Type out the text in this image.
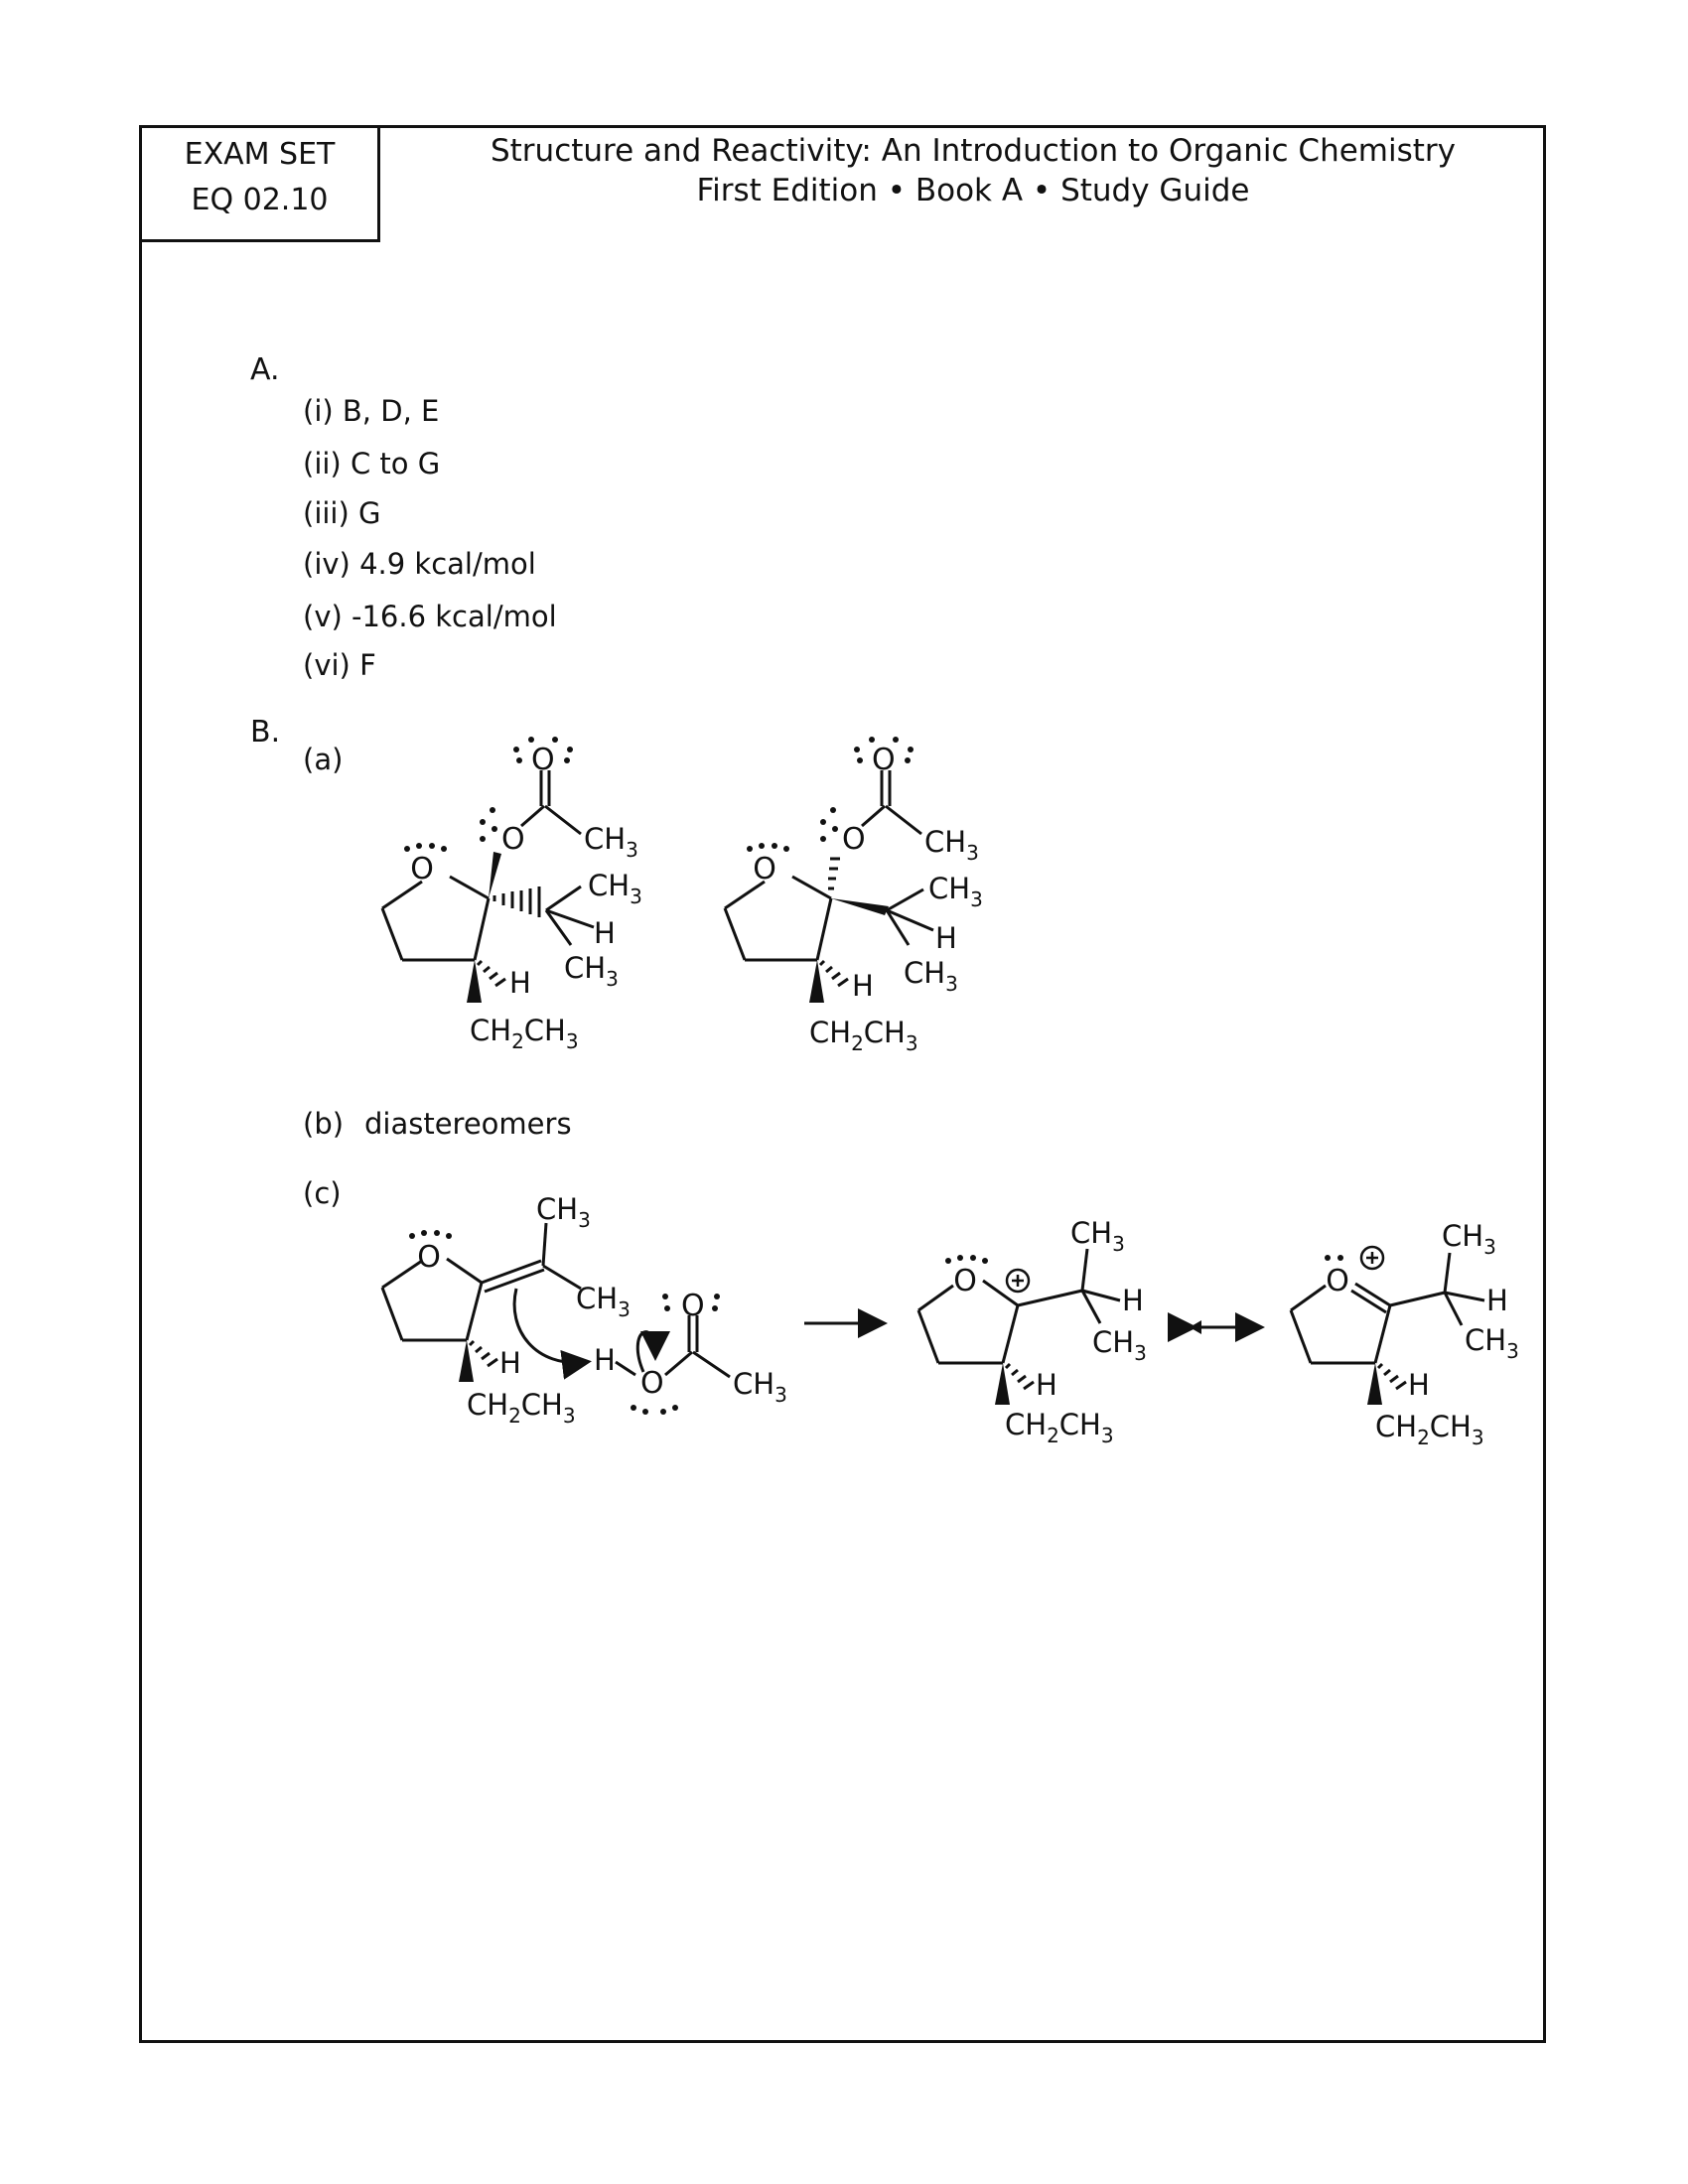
EXAM SET
EQ 02.10
Structure and Reactivity: An Introduction to Organic Chemistry
First Edition • Book A • Study Guide
A.
(i) B, D, E
(ii) C to G
(iii) G
(iv) 4.9 kcal/mol
(v) -16.6 kcal/mol
(vi) F
B.
(a)
(b) diastereomers
(c)
O
O
O
$CH_3$
$CH_3$
H
$CH_3$
H
$CH_2CH_3$
O
O
O
$CH_3$
$CH_3$
H
$CH_3$
H
$CH_2CH_3$
O
$CH_3$
$CH_3$
H
$CH_2CH_3$
H
O
O
$CH_3$
O
$CH_3$
H
$CH_3$
H
$CH_2CH_3$
O
$CH_3$
H
$CH_3$
H
$CH_2CH_3$
